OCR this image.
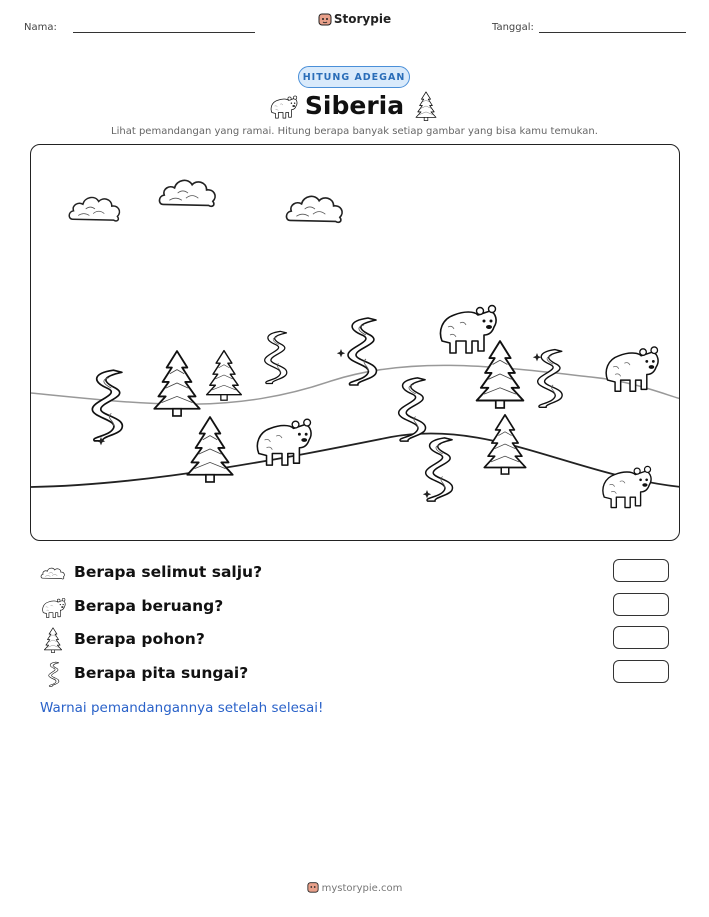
Nama:
Storypie
Tanggal:
HITUNG ADEGAN
Siberia
Lihat pemandangan yang ramai. Hitung berapa banyak setiap gambar yang bisa kamu temukan.
Berapa selimut salju?
Berapa beruang?
Berapa pohon?
Berapa pita sungai?
Warnai pemandangannya setelah selesai!
mystorypie.com
